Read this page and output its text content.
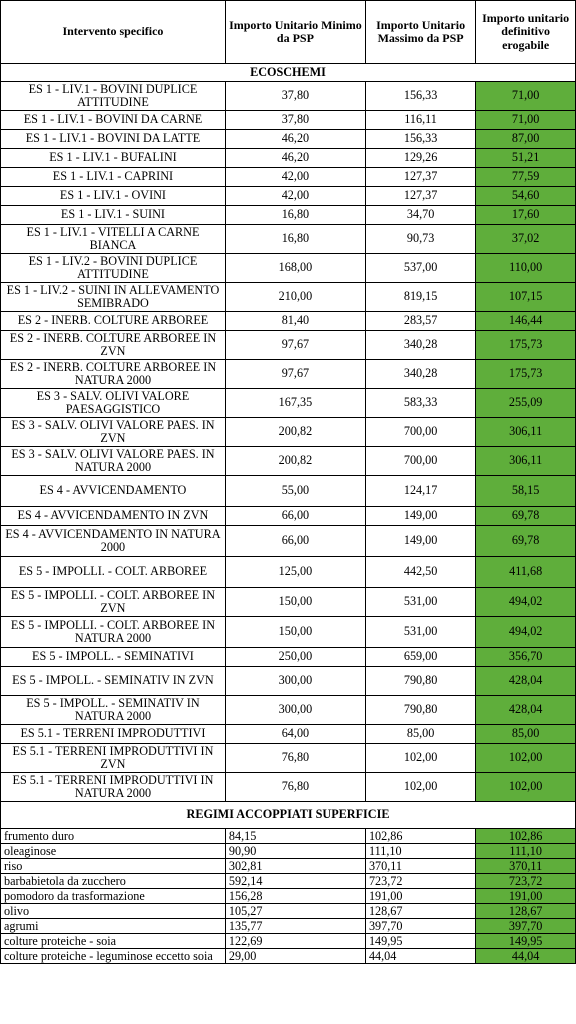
Intervento specifico	Importo Unitario Minimo da PSP	Importo Unitario Massimo da PSP	Importo unitario definitivo erogabile
ECOSCHEMI			
ES 1 - LIV.1 - BOVINI DUPLICE ATTITUDINE	37,80	156,33	71,00
ES 1 - LIV.1 - BOVINI DA CARNE	37,80	116,11	71,00
ES 1 - LIV.1 - BOVINI DA LATTE	46,20	156,33	87,00
ES 1 - LIV.1 - BUFALINI	46,20	129,26	51,21
ES 1 - LIV.1 - CAPRINI	42,00	127,37	77,59
ES 1 - LIV.1 - OVINI	42,00	127,37	54,60
ES 1 - LIV.1 - SUINI	16,80	34,70	17,60
ES 1 - LIV.1 - VITELLI A CARNE BIANCA	16,80	90,73	37,02
ES 1 - LIV.2 - BOVINI DUPLICE ATTITUDINE	168,00	537,00	110,00
ES 1 - LIV.2 - SUINI IN ALLEVAMENTO SEMIBRADO	210,00	819,15	107,15
ES 2 - INERB. COLTURE ARBOREE	81,40	283,57	146,44
ES 2 - INERB. COLTURE ARBOREE IN ZVN	97,67	340,28	175,73
ES 2 - INERB. COLTURE ARBOREE IN NATURA 2000	97,67	340,28	175,73
ES 3 - SALV. OLIVI VALORE PAESAGGISTICO	167,35	583,33	255,09
ES 3 - SALV. OLIVI VALORE PAES. IN ZVN	200,82	700,00	306,11
ES 3 - SALV. OLIVI VALORE PAES. IN NATURA 2000	200,82	700,00	306,11
ES 4 - AVVICENDAMENTO	55,00	124,17	58,15
ES 4 - AVVICENDAMENTO IN ZVN	66,00	149,00	69,78
ES 4 - AVVICENDAMENTO IN NATURA 2000	66,00	149,00	69,78
ES 5 - IMPOLLI. - COLT. ARBOREE	125,00	442,50	411,68
ES 5 - IMPOLLI. - COLT. ARBOREE IN ZVN	150,00	531,00	494,02
ES 5 - IMPOLLI. - COLT. ARBOREE IN NATURA 2000	150,00	531,00	494,02
ES 5 - IMPOLL. - SEMINATIVI	250,00	659,00	356,70
ES 5 - IMPOLL. - SEMINATIV IN ZVN	300,00	790,80	428,04
ES 5 - IMPOLL. - SEMINATIV IN NATURA 2000	300,00	790,80	428,04
ES 5.1 - TERRENI IMPRODUTTIVI	64,00	85,00	85,00
ES 5.1 - TERRENI IMPRODUTTIVI IN ZVN	76,80	102,00	102,00
ES 5.1 - TERRENI IMPRODUTTIVI IN NATURA 2000	76,80	102,00	102,00
REGIMI ACCOPPIATI SUPERFICIE			
frumento duro	84,15	102,86	102,86
oleaginose	90,90	111,10	111,10
riso	302,81	370,11	370,11
barbabietola da zucchero	592,14	723,72	723,72
pomodoro da trasformazione	156,28	191,00	191,00
olivo	105,27	128,67	128,67
agrumi	135,77	397,70	397,70
colture proteiche - soia	122,69	149,95	149,95
colture proteiche - leguminose eccetto soia	29,00	44,04	44,04
